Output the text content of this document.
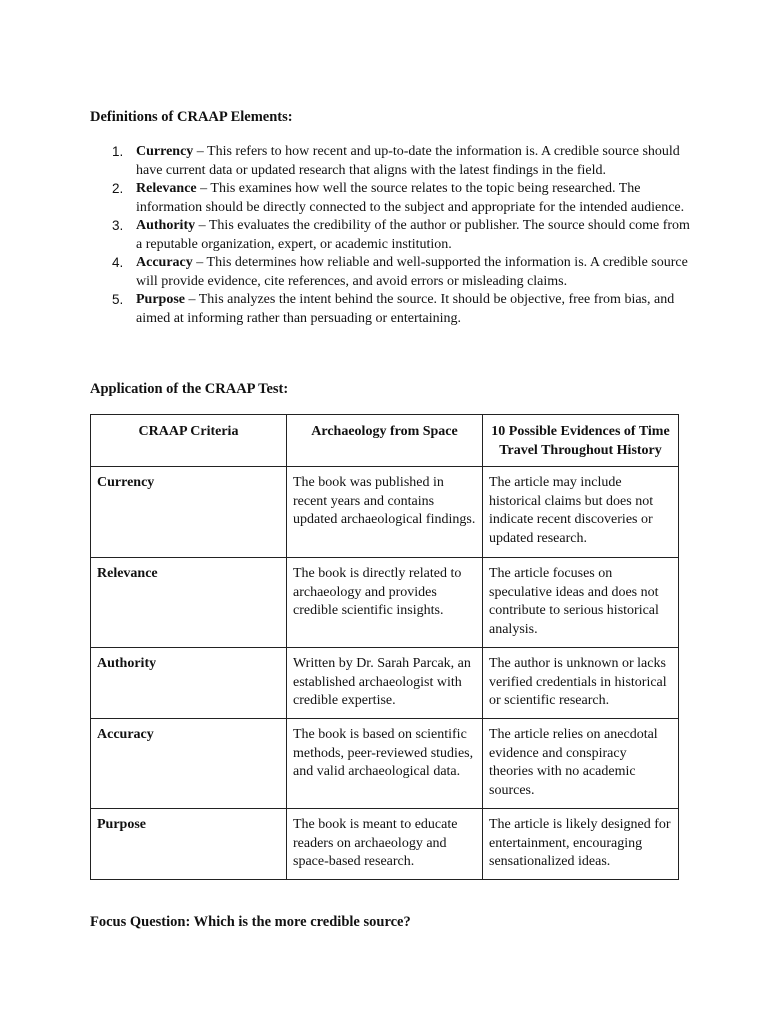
Definitions of CRAAP Elements:
1. Currency – This refers to how recent and up-to-date the information is. A credible source should have current data or updated research that aligns with the latest findings in the field.
2. Relevance – This examines how well the source relates to the topic being researched. The information should be directly connected to the subject and appropriate for the intended audience.
3. Authority – This evaluates the credibility of the author or publisher. The source should come from a reputable organization, expert, or academic institution.
4. Accuracy – This determines how reliable and well-supported the information is. A credible source will provide evidence, cite references, and avoid errors or misleading claims.
5. Purpose – This analyzes the intent behind the source. It should be objective, free from bias, and aimed at informing rather than persuading or entertaining.
Application of the CRAAP Test:
CRAAP Criteria	Archaeology from Space	10 Possible Evidences of Time Travel Throughout History
Currency	The book was published in recent years and contains updated archaeological findings.	The article may include historical claims but does not indicate recent discoveries or updated research.
Relevance	The book is directly related to archaeology and provides credible scientific insights.	The article focuses on speculative ideas and does not contribute to serious historical analysis.
Authority	Written by Dr. Sarah Parcak, an established archaeologist with credible expertise.	The author is unknown or lacks verified credentials in historical or scientific research.
Accuracy	The book is based on scientific methods, peer-reviewed studies, and valid archaeological data.	The article relies on anecdotal evidence and conspiracy theories with no academic sources.
Purpose	The book is meant to educate readers on archaeology and space-based research.	The article is likely designed for entertainment, encouraging sensationalized ideas.
Focus Question: Which is the more credible source?
